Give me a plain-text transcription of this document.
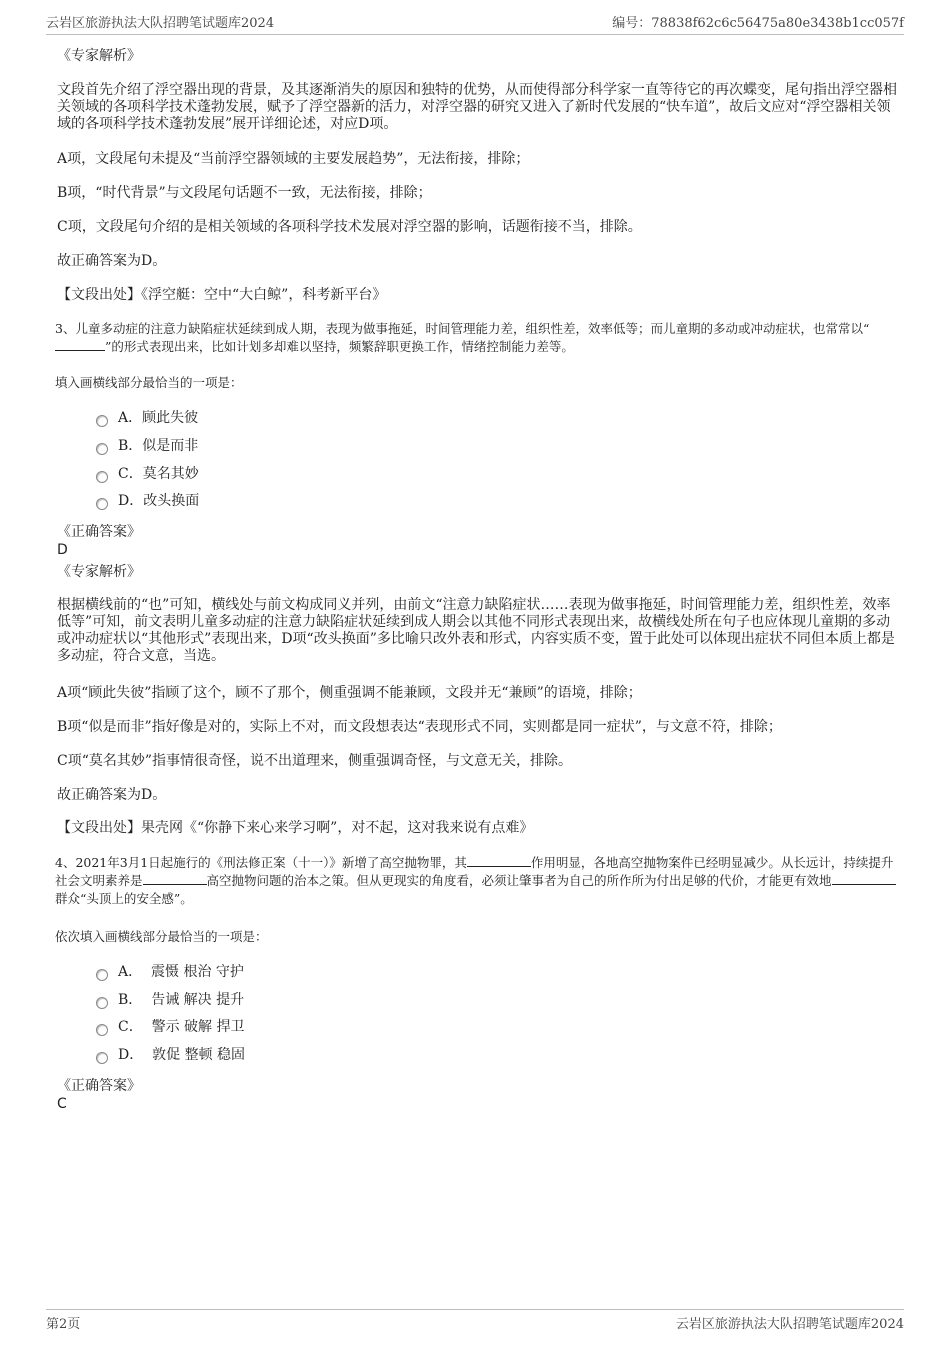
云岩区旅游执法大队招聘笔试题库2024	编号：78838f62c6c56475a80e3438b1cc057f
《专家解析》
文段首先介绍了浮空器出现的背景，及其逐渐消失的原因和独特的优势，从而使得部分科学家一直等待它的再次蝶变，尾句指出浮空器相关领域的各项科学技术蓬勃发展，赋予了浮空器新的活力，对浮空器的研究又进入了新时代发展的“快车道”，故后文应对“浮空器相关领域的各项科学技术蓬勃发展”展开详细论述，对应D项。
A项，文段尾句未提及“当前浮空器领域的主要发展趋势”，无法衔接，排除；
B项，“时代背景”与文段尾句话题不一致，无法衔接，排除；
C项，文段尾句介绍的是相关领域的各项科学技术发展对浮空器的影响，话题衔接不当，排除。
故正确答案为D。
【文段出处】《浮空艇：空中“大白鲸”，科考新平台》
3、儿童多动症的注意力缺陷症状延续到成人期，表现为做事拖延，时间管理能力差，组织性差，效率低等；而儿童期的多动或冲动症状，也常常以“”的形式表现出来，比如计划多却难以坚持，频繁辞职更换工作，情绪控制能力差等。
填入画横线部分最恰当的一项是：
A．顾此失彼
B．似是而非
C．莫名其妙
D．改头换面
《正确答案》
D
《专家解析》
根据横线前的“也”可知，横线处与前文构成同义并列，由前文“注意力缺陷症状……表现为做事拖延，时间管理能力差，组织性差，效率低等”可知，前文表明儿童多动症的注意力缺陷症状延续到成人期会以其他不同形式表现出来，故横线处所在句子也应体现儿童期的多动或冲动症状以“其他形式”表现出来，D项“改头换面”多比喻只改外表和形式，内容实质不变，置于此处可以体现出症状不同但本质上都是多动症，符合文意，当选。
A项“顾此失彼”指顾了这个，顾不了那个，侧重强调不能兼顾，文段并无“兼顾”的语境，排除；
B项“似是而非”指好像是对的，实际上不对，而文段想表达“表现形式不同，实则都是同一症状”，与文意不符，排除；
C项“莫名其妙”指事情很奇怪，说不出道理来，侧重强调奇怪，与文意无关，排除。
故正确答案为D。
【文段出处】果壳网《“你静下来心来学习啊”，对不起，这对我来说有点难》
4、2021年3月1日起施行的《刑法修正案（十一）》新增了高空抛物罪，其	作用明显，各地高空抛物案件已经明显减少。从长远计，持续提升社会文明素养是	高空抛物问题的治本之策。但从更现实的角度看，必须让肇事者为自己的所作所为付出足够的代价，才能更有效地群众“头顶上的安全感”。
依次填入画横线部分最恰当的一项是：
A．  震慑 根治 守护
B．  告诫 解决 提升
C．  警示 破解 捍卫
D．  敦促 整顿 稳固
《正确答案》
C
第2页	云岩区旅游执法大队招聘笔试题库2024
